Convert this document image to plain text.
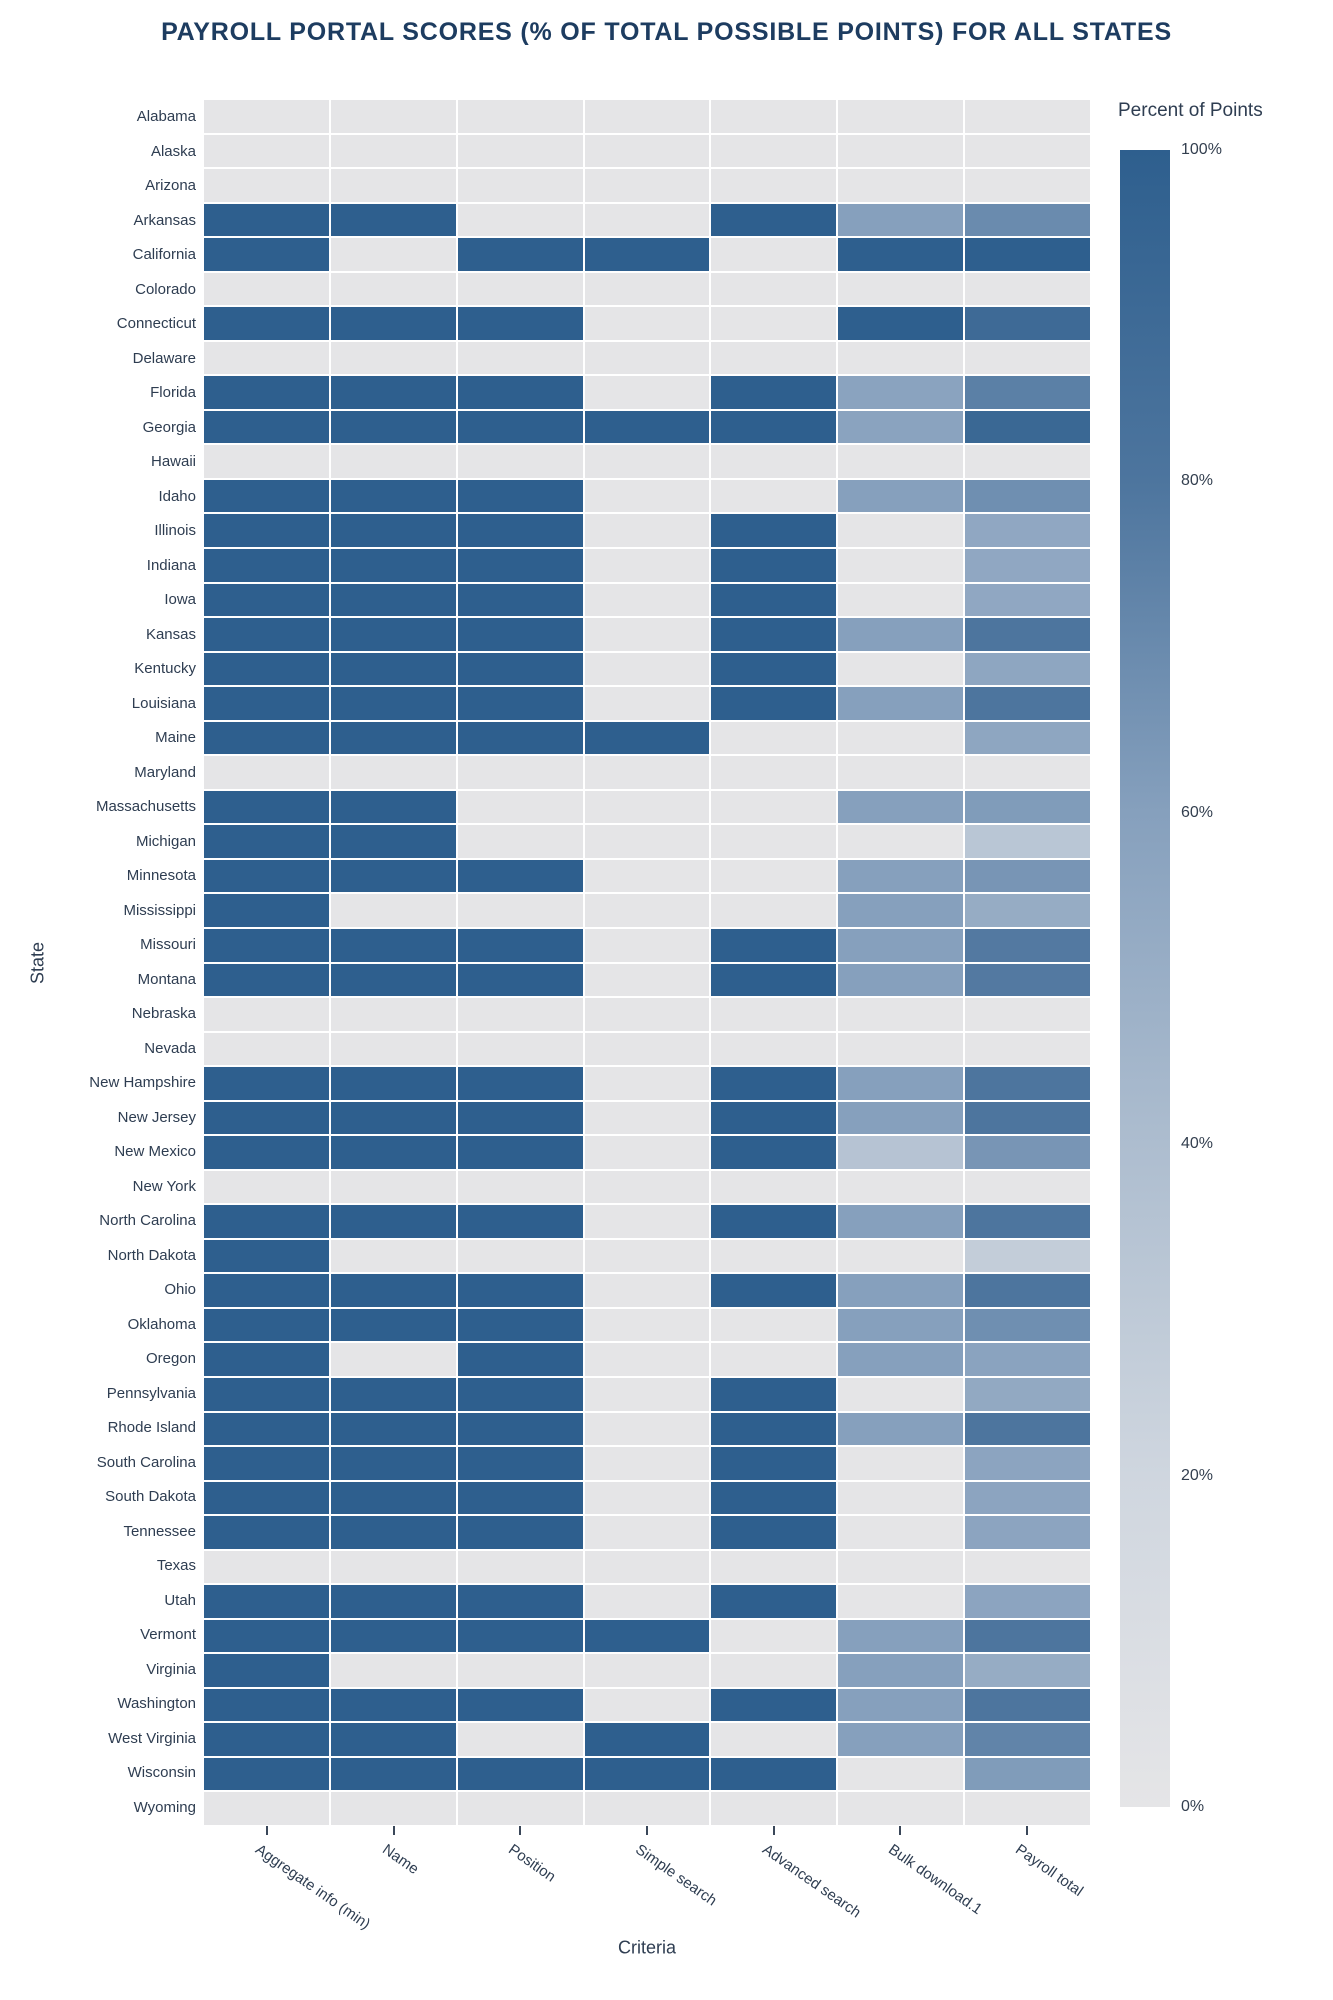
PAYROLL PORTAL SCORES (% OF TOTAL POSSIBLE POINTS) FOR ALL STATES
State
Criteria
Alabama
Alaska
Arizona
Arkansas
California
Colorado
Connecticut
Delaware
Florida
Georgia
Hawaii
Idaho
Illinois
Indiana
Iowa
Kansas
Kentucky
Louisiana
Maine
Maryland
Massachusetts
Michigan
Minnesota
Mississippi
Missouri
Montana
Nebraska
Nevada
New Hampshire
New Jersey
New Mexico
New York
North Carolina
North Dakota
Ohio
Oklahoma
Oregon
Pennsylvania
Rhode Island
South Carolina
South Dakota
Tennessee
Texas
Utah
Vermont
Virginia
Washington
West Virginia
Wisconsin
Wyoming
Aggregate info (min) Name	Position	Simple search	Advanced search Bulk download.1 Payroll total
Percent of Points
100%
80%
60%
40%
20%
0%
